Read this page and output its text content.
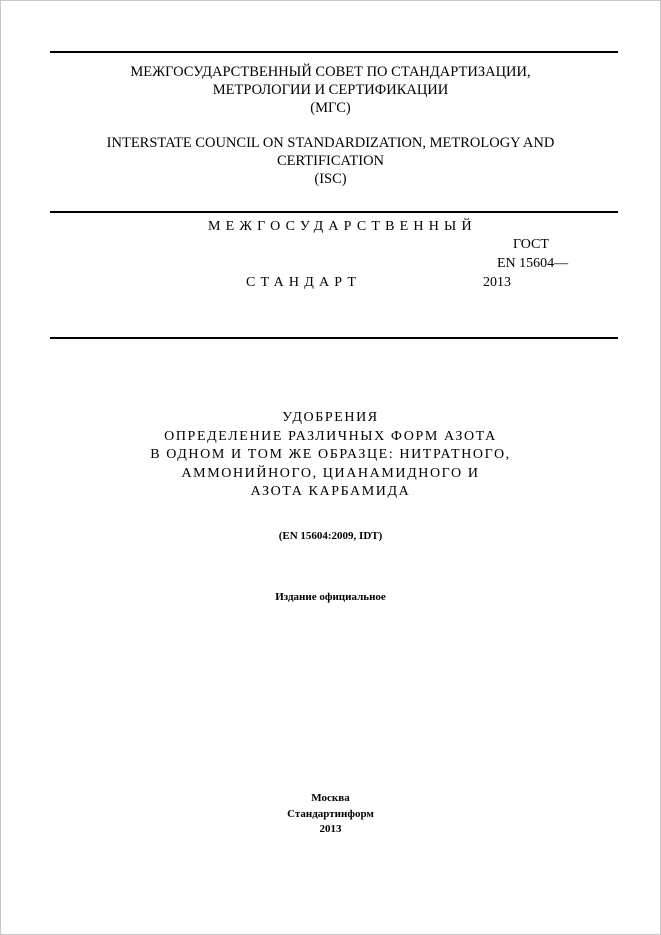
МЕЖГОСУДАРСТВЕННЫЙ СОВЕТ ПО СТАНДАРТИЗАЦИИ,
МЕТРОЛОГИИ И СЕРТИФИКАЦИИ
(МГС)
INTERSTATE COUNCIL ON STANDARDIZATION, METROLOGY AND
CERTIFICATION
(ISC)
МЕЖГОСУДАРСТВЕННЫЙ
ГОСТ
EN 15604—
СТАНДАРТ	2013
УДОБРЕНИЯ
ОПРЕДЕЛЕНИЕ РАЗЛИЧНЫХ ФОРМ АЗОТА
В ОДНОМ И ТОМ ЖЕ ОБРАЗЦЕ: НИТРАТНОГО,
АММОНИЙНОГО, ЦИАНАМИДНОГО И
АЗОТА КАРБАМИДА
(EN 15604:2009, IDT)
Издание официальное
Москва
Стандартинформ
2013
